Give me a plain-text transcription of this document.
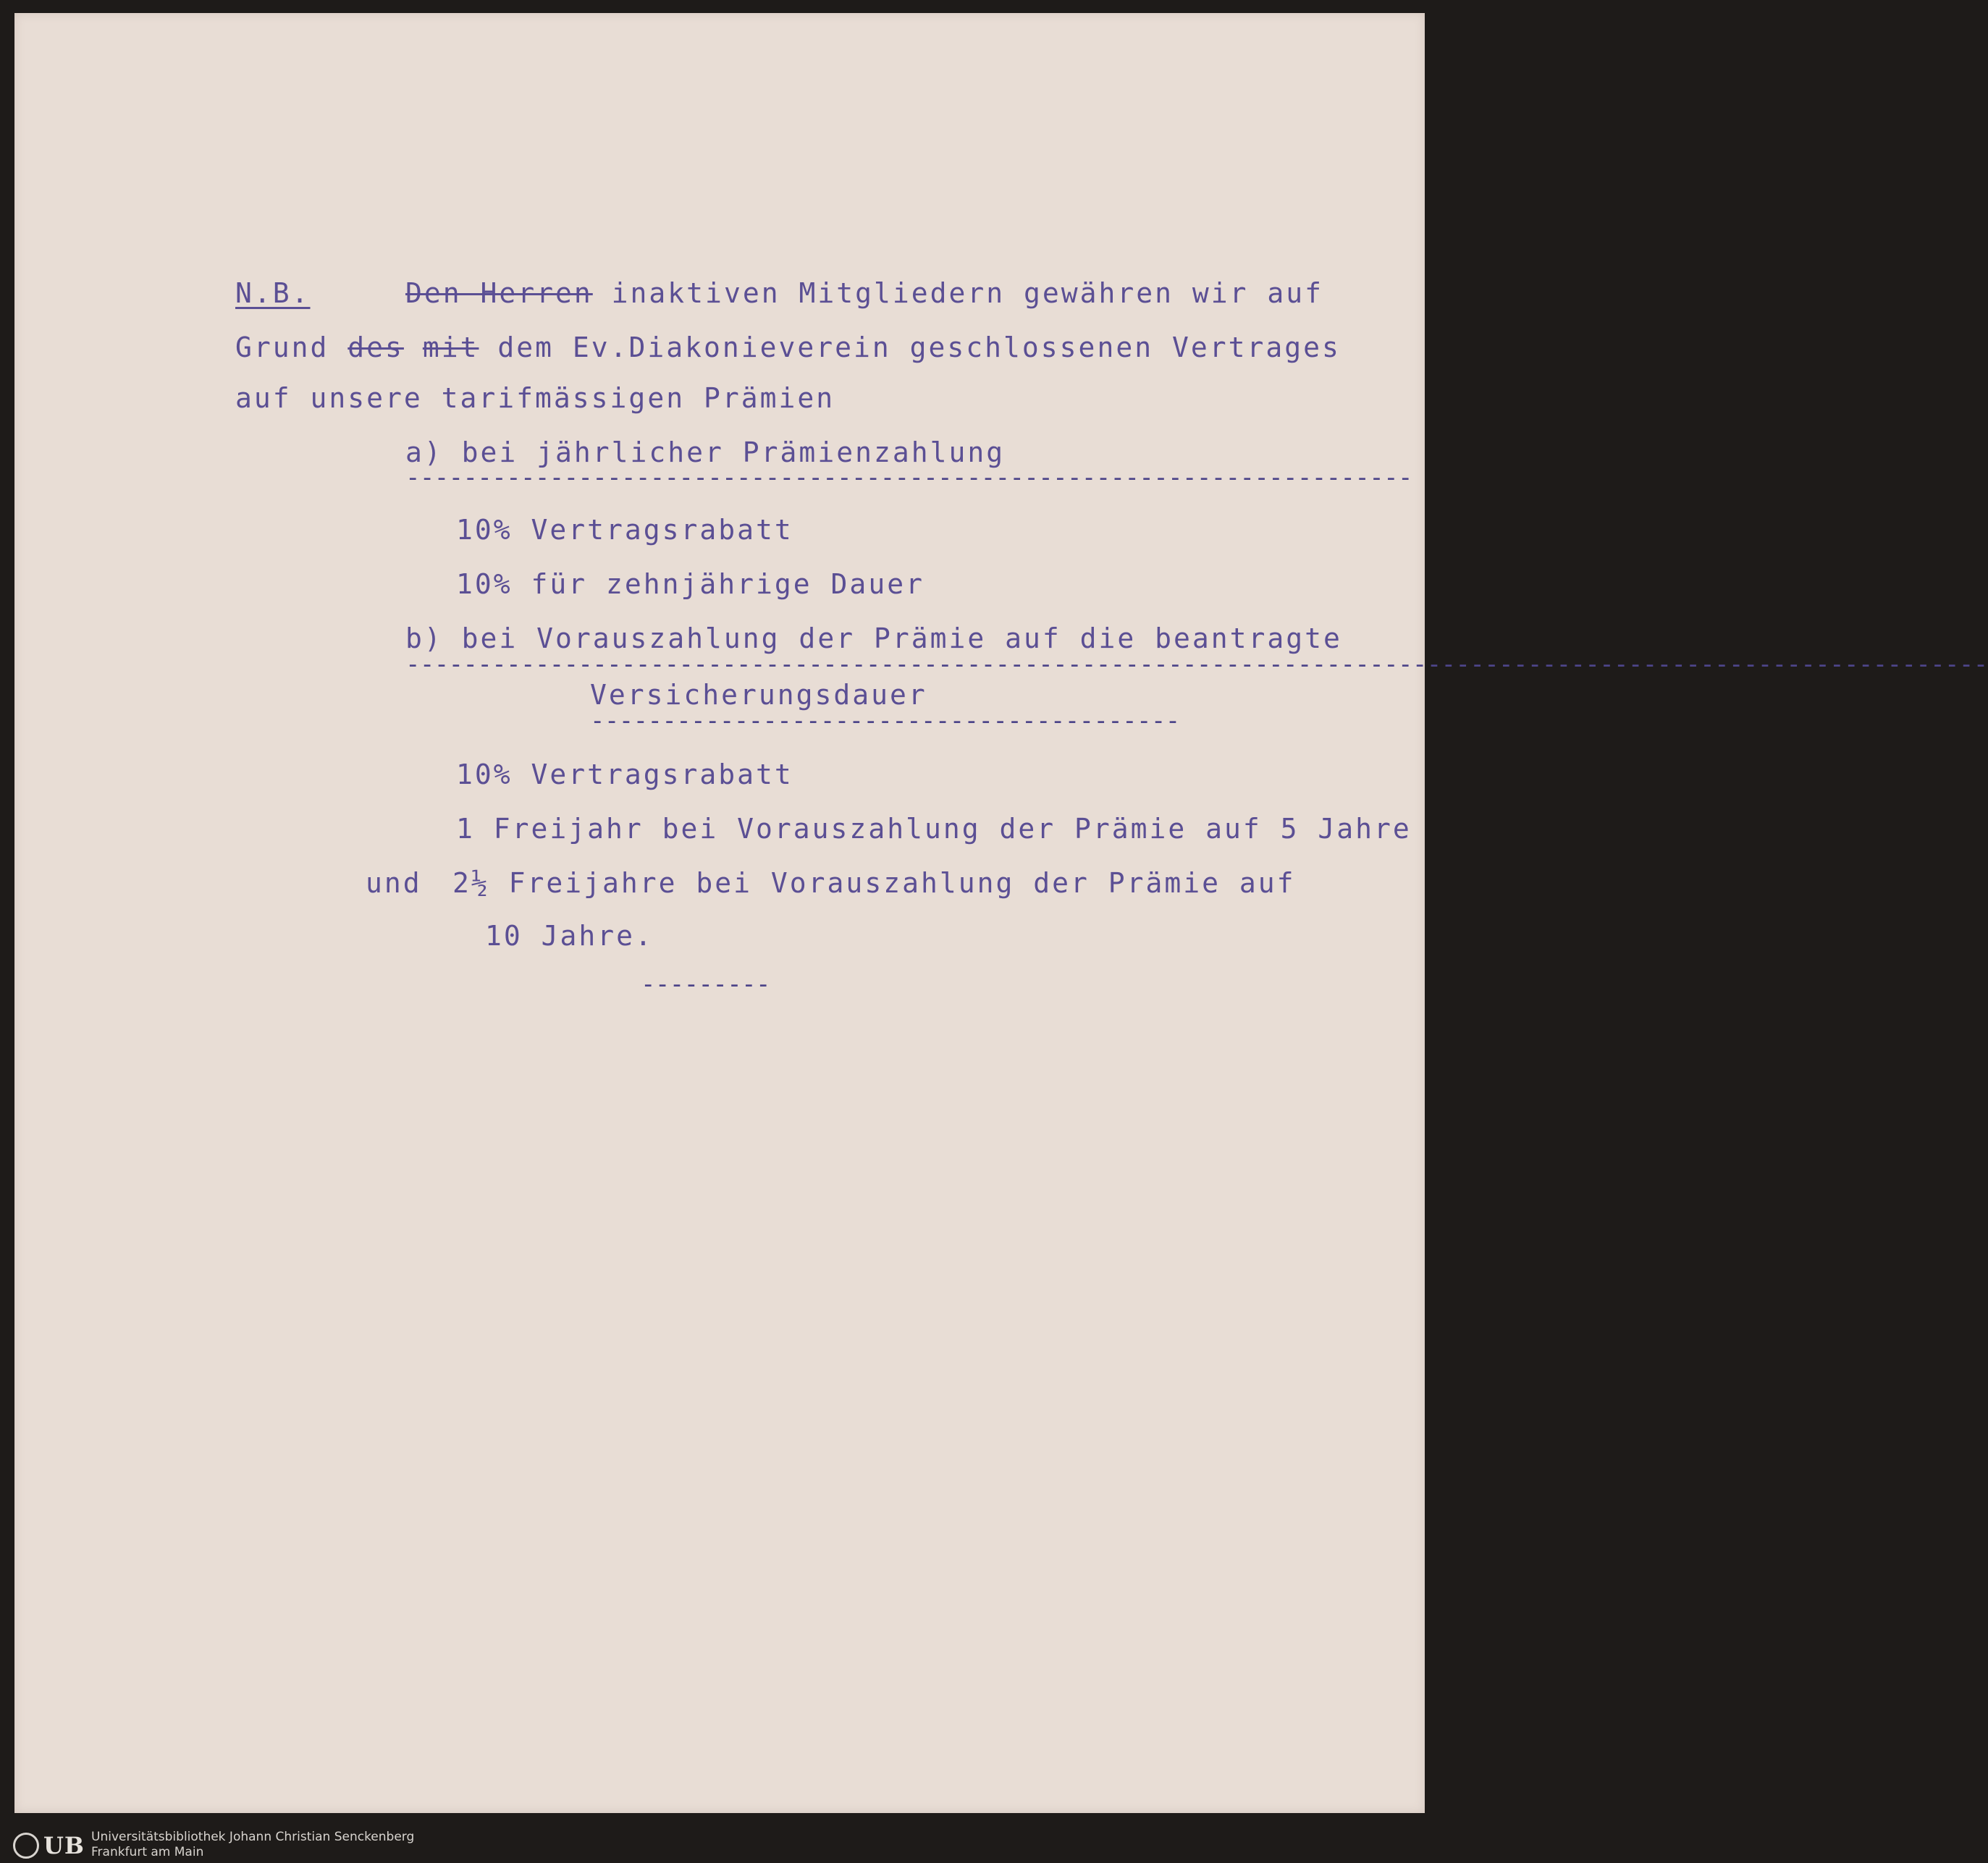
N.B.	Den Herren inaktiven Mitgliedern gewähren wir auf
Grund des mit dem Ev.Diakonieverein geschlossenen Vertrages
auf unsere tarifmässigen Prämien
a) bei jährlicher Prämienzahlung
----------------------------------------------------------------------
10% Vertragsrabatt
10% für zehnjährige Dauer
b) bei Vorauszahlung der Prämie auf die beantragte
--------------------------------------------------------------------------------------------------------------
Versicherungsdauer
-----------------------------------------
10% Vertragsrabatt
1 Freijahr bei Vorauszahlung der Prämie auf 5 Jahre
und 2½ Freijahre bei Vorauszahlung der Prämie auf
10 Jahre.
---------
UB Universitätsbibliothek Johann Christian Senckenberg
Frankfurt am Main
